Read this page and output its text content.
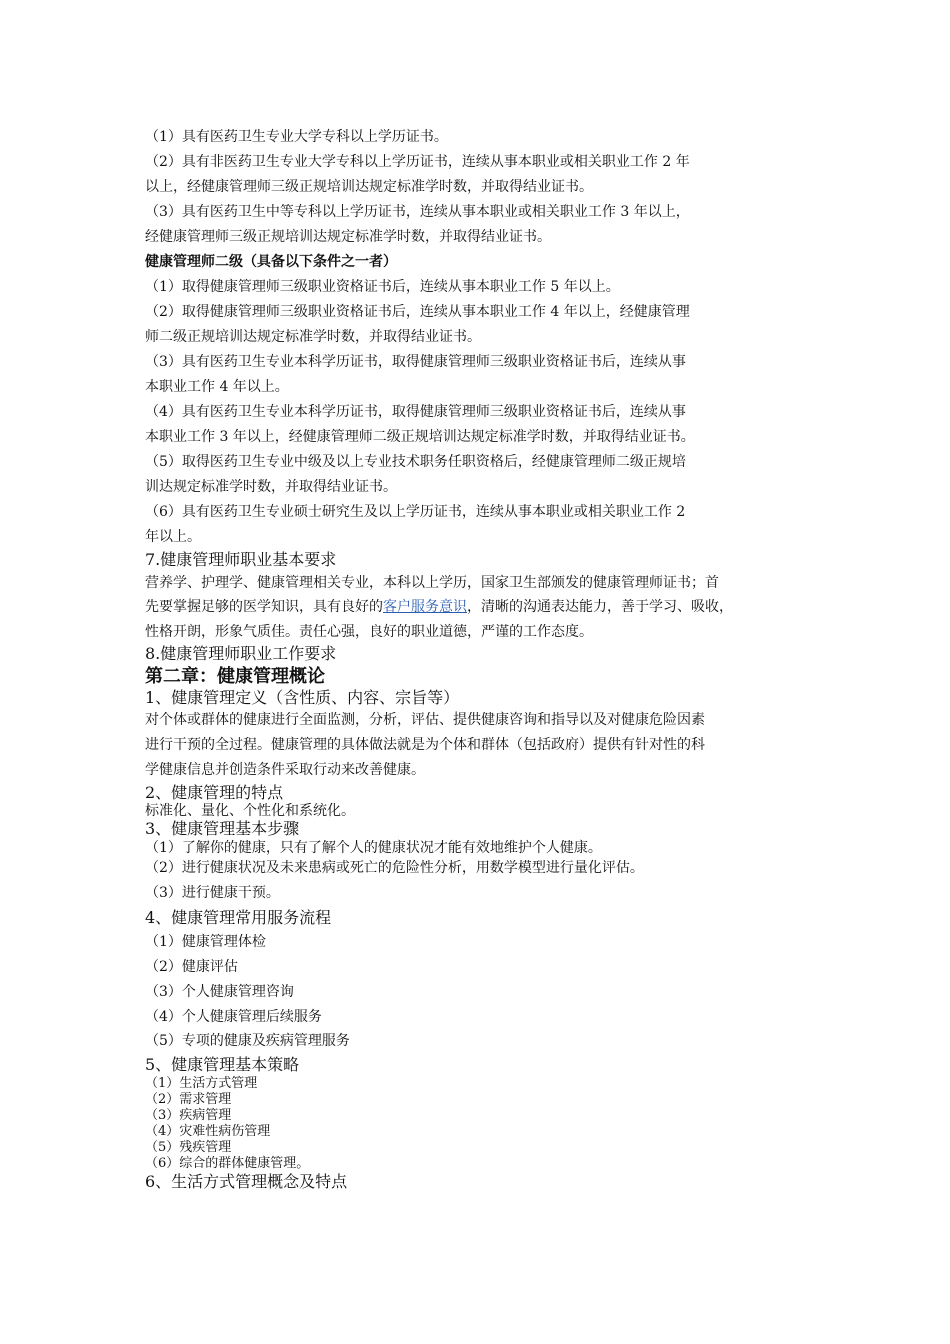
（1）具有医药卫生专业大学专科以上学历证书。
（2）具有非医药卫生专业大学专科以上学历证书，连续从事本职业或相关职业工作 2 年
以上，经健康管理师三级正规培训达规定标准学时数，并取得结业证书。
（3）具有医药卫生中等专科以上学历证书，连续从事本职业或相关职业工作 3 年以上，
经健康管理师三级正规培训达规定标准学时数，并取得结业证书。
健康管理师二级（具备以下条件之一者）
（1）取得健康管理师三级职业资格证书后，连续从事本职业工作 5 年以上。
（2）取得健康管理师三级职业资格证书后，连续从事本职业工作 4 年以上，经健康管理
师二级正规培训达规定标准学时数，并取得结业证书。
（3）具有医药卫生专业本科学历证书，取得健康管理师三级职业资格证书后，连续从事
本职业工作 4 年以上。
（4）具有医药卫生专业本科学历证书，取得健康管理师三级职业资格证书后，连续从事
本职业工作 3 年以上，经健康管理师二级正规培训达规定标准学时数，并取得结业证书。
（5）取得医药卫生专业中级及以上专业技术职务任职资格后，经健康管理师二级正规培
训达规定标准学时数，并取得结业证书。
（6）具有医药卫生专业硕士研究生及以上学历证书，连续从事本职业或相关职业工作 2
年以上。
7.健康管理师职业基本要求
营养学、护理学、健康管理相关专业，本科以上学历，国家卫生部颁发的健康管理师证书；首
先要掌握足够的医学知识，具有良好的客户服务意识，清晰的沟通表达能力，善于学习、吸收，
性格开朗，形象气质佳。责任心强，良好的职业道德，严谨的工作态度。
8.健康管理师职业工作要求
第二章：健康管理概论
1、健康管理定义（含性质、内容、宗旨等）
对个体或群体的健康进行全面监测，分析，评估、提供健康咨询和指导以及对健康危险因素
进行干预的全过程。健康管理的具体做法就是为个体和群体（包括政府）提供有针对性的科
学健康信息并创造条件采取行动来改善健康。
2、健康管理的特点
标准化、量化、个性化和系统化。
3、健康管理基本步骤
（1）了解你的健康，只有了解个人的健康状况才能有效地维护个人健康。
（2）进行健康状况及未来患病或死亡的危险性分析，用数学模型进行量化评估。
（3）进行健康干预。
4、健康管理常用服务流程
（1）健康管理体检
（2）健康评估
（3）个人健康管理咨询
（4）个人健康管理后续服务
（5）专项的健康及疾病管理服务
5、健康管理基本策略
（1）生活方式管理
（2）需求管理
（3）疾病管理
（4）灾难性病伤管理
（5）残疾管理
（6）综合的群体健康管理。
6、生活方式管理概念及特点
